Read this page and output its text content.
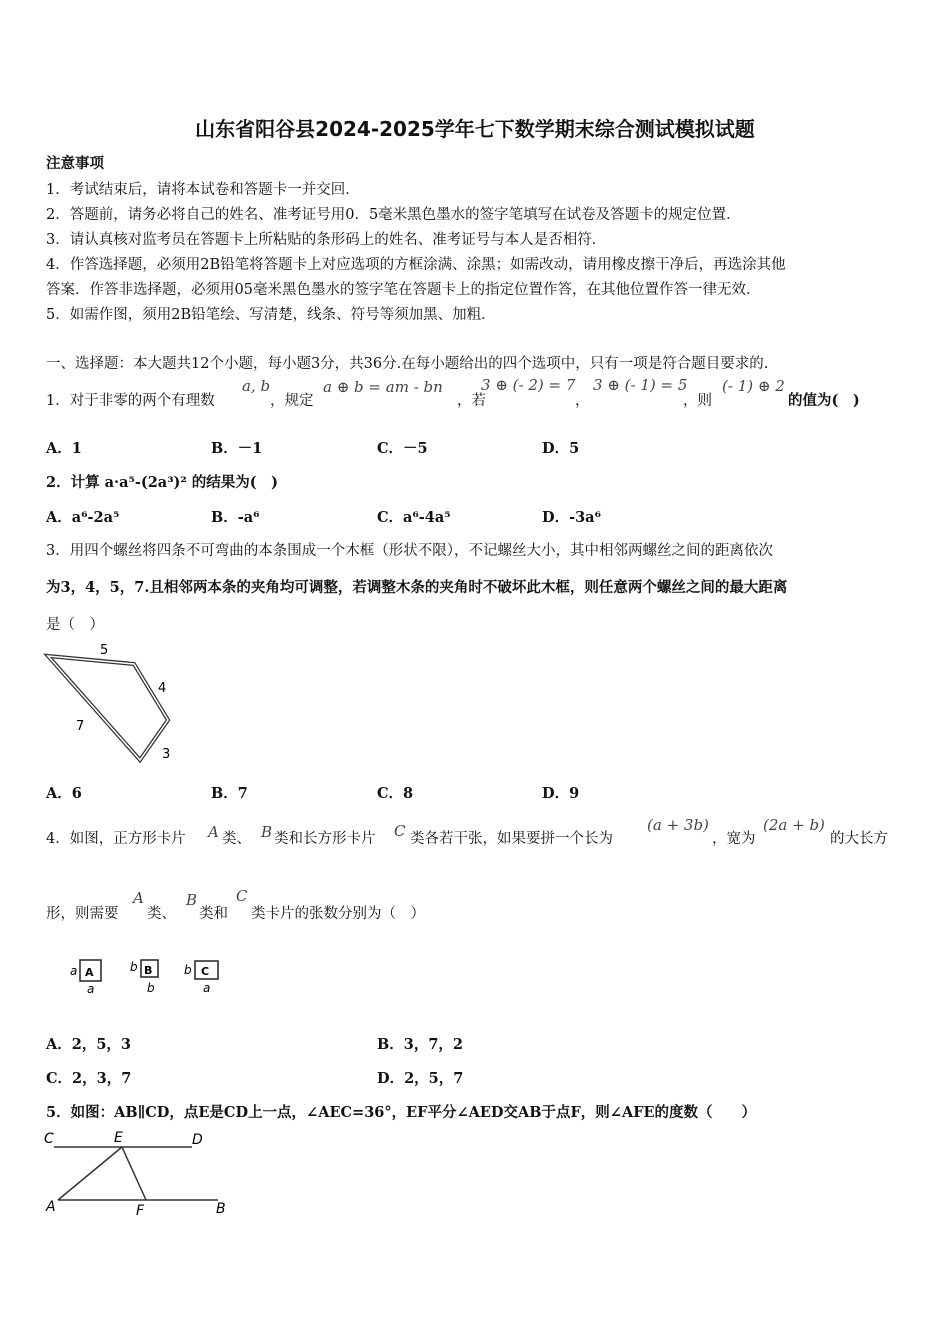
山东省阳谷县2024-2025学年七下数学期末综合测试模拟试题
注意事项
1．考试结束后，请将本试卷和答题卡一并交回．
2．答题前，请务必将自己的姓名、准考证号用0．5毫米黑色墨水的签字笔填写在试卷及答题卡的规定位置．
3．请认真核对监考员在答题卡上所粘贴的条形码上的姓名、准考证号与本人是否相符．
4．作答选择题，必须用2B铅笔将答题卡上对应选项的方框涂满、涂黑；如需改动，请用橡皮擦干净后，再选涂其他
答案．作答非选择题，必须用05毫米黑色墨水的签字笔在答题卡上的指定位置作答，在其他位置作答一律无效．
5．如需作图，须用2B铅笔绘、写清楚，线条、符号等须加黑、加粗．
一、选择题：本大题共12个小题，每小题3分，共36分.在每小题给出的四个选项中，只有一项是符合题目要求的.
1．对于非零的两个有理数
a, b
，规定
a ⊕ b = am - bn
，若
3 ⊕ (- 2) = 7
，
3 ⊕ (- 1) = 5
，则
(- 1) ⊕ 2
的值为(　)
A．1	B．－1	C．－5	D．5
2．计算 a·a⁵-(2a³)² 的结果为(　)
A．a⁶-2a⁵	B．-a⁶	C．a⁶-4a⁵	D．-3a⁶
3．用四个螺丝将四条不可弯曲的本条围成一个木框（形状不限），不记螺丝大小，其中相邻两螺丝之间的距离依次
为3，4，5，7.且相邻两本条的夹角均可调整，若调整木条的夹角时不破坏此木框，则任意两个螺丝之间的最大距离
是（　）
5
4
7
3
A．6	B．7	C．8	D．9
4．如图，正方形卡片 A 类、 B 类和长方形卡片 C 类各若干张，如果要拼一个长为
(a + 3b)
，宽为
(2a + b)
的大长方
形，则需要
A
类、
B
类和
C
类卡片的张数分别为（　）
a A
a
b B
b
b C
a
A．2，5，3	B．3，7，2
C．2，3，7	D．2，5，7
5．如图：AB∥CD，点E是CD上一点，∠AEC=36°，EF平分∠AED交AB于点F，则∠AFE的度数（　　）
C	E	D
A	F	B
